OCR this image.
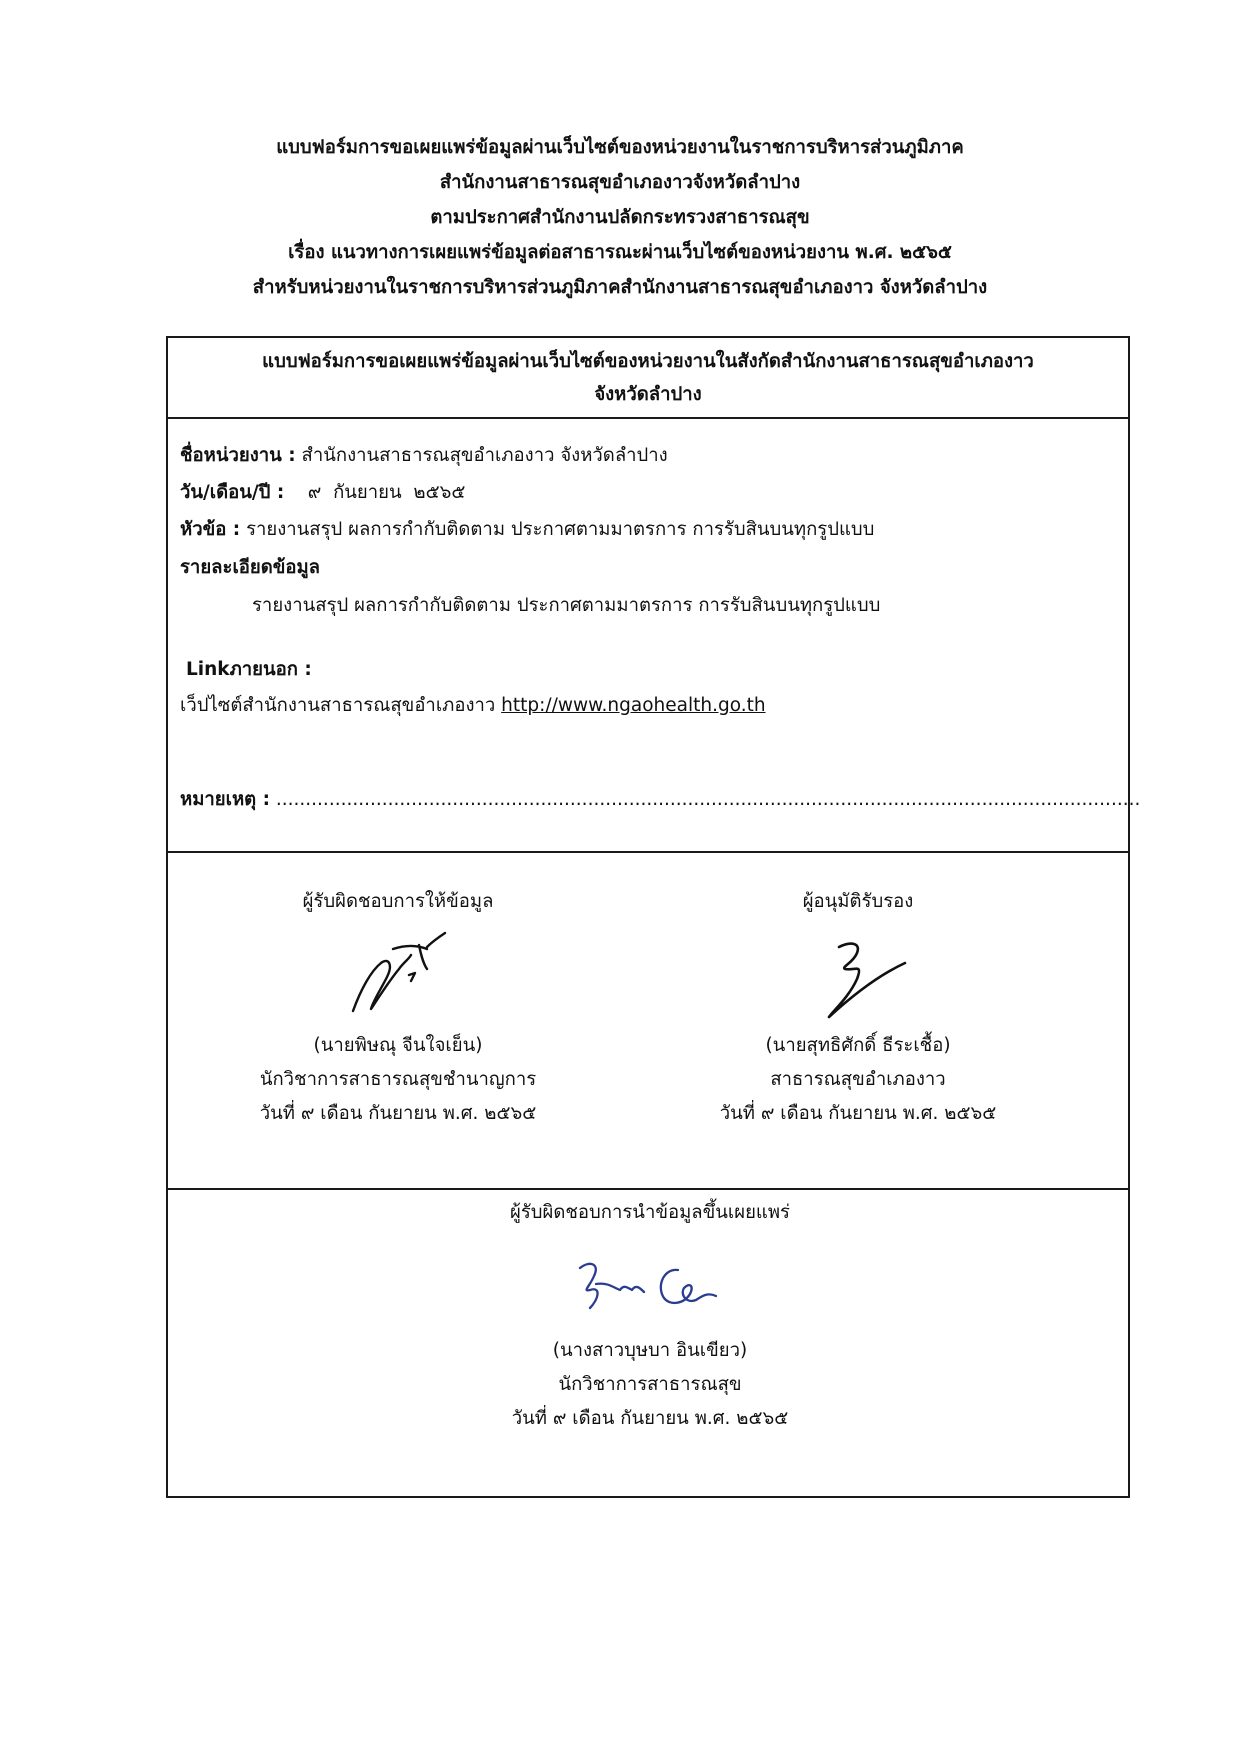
แบบฟอร์มการขอเผยแพร่ข้อมูลผ่านเว็บไซต์ของหน่วยงานในราชการบริหารส่วนภูมิภาค
สำนักงานสาธารณสุขอำเภองาวจังหวัดลำปาง
ตามประกาศสำนักงานปลัดกระทรวงสาธารณสุข
เรื่อง แนวทางการเผยแพร่ข้อมูลต่อสาธารณะผ่านเว็บไซต์ของหน่วยงาน พ.ศ. ๒๕๖๕
สำหรับหน่วยงานในราชการบริหารส่วนภูมิภาคสำนักงานสาธารณสุขอำเภองาว จังหวัดลำปาง
แบบฟอร์มการขอเผยแพร่ข้อมูลผ่านเว็บไซต์ของหน่วยงานในสังกัดสำนักงานสาธารณสุขอำเภองาว
จังหวัดลำปาง
ชื่อหน่วยงาน : สำนักงานสาธารณสุขอำเภองาว จังหวัดลำปาง
วัน/เดือน/ปี :    ๙  กันยายน  ๒๕๖๕
หัวข้อ : รายงานสรุป ผลการกำกับติดตาม ประกาศตามมาตรการ การรับสินบนทุกรูปแบบ
รายละเอียดข้อมูล
รายงานสรุป ผลการกำกับติดตาม ประกาศตามมาตรการ การรับสินบนทุกรูปแบบ
Linkภายนอก :
เว็ปไซต์สำนักงานสาธารณสุขอำเภองาว http://www.ngaohealth.go.th
หมายเหตุ : ...................................................................................................................................................
ผู้รับผิดชอบการให้ข้อมูล
(นายพิษณุ จีนใจเย็น)
นักวิชาการสาธารณสุขชำนาญการ
วันที่ ๙ เดือน กันยายน พ.ศ. ๒๕๖๕
ผู้อนุมัติรับรอง
(นายสุทธิศักดิ์ ธีระเชื้อ)
สาธารณสุขอำเภองาว
วันที่ ๙ เดือน กันยายน พ.ศ. ๒๕๖๕
ผู้รับผิดชอบการนำข้อมูลขึ้นเผยแพร่
(นางสาวบุษบา อินเขียว)
นักวิชาการสาธารณสุข
วันที่ ๙ เดือน กันยายน พ.ศ. ๒๕๖๕
